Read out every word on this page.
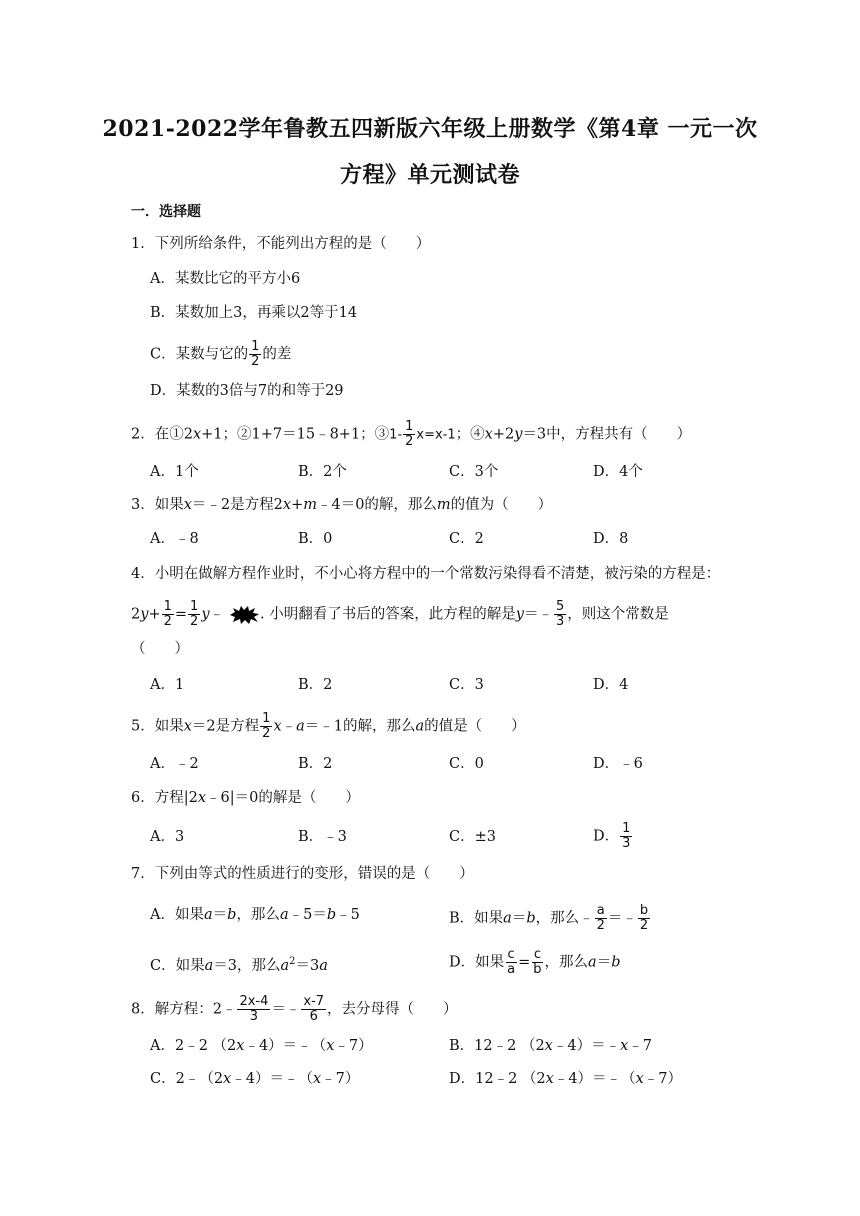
2021-2022学年鲁教五四新版六年级上册数学《第4章 一元一次
方程》单元测试卷
一．选择题
1．下列所给条件，不能列出方程的是（　　）
A．某数比它的平方小6
B．某数加上3，再乘以2等于14
C．某数与它的 $\frac{1}{2}$ 的差
D．某数的3倍与7的和等于29
2．在①2x+1；②1+7＝15﹣8+1；③1- $\frac{1}{2} x=x-1$；④x+2y＝3中，方程共有（　　）
A．1个	B．2个	C．3个	D．4个
3．如果x＝﹣2是方程2x+m﹣4＝0的解，那么m的值为（　　）
A．﹣8	B．0	C．2	D．8
4．小明在做解方程作业时，不小心将方程中的一个常数污染得看不清楚，被污染的方程是：
$2y+ \frac{1}{2} = \frac{1}{2}$ y﹣ . 小明翻看了书后的答案，此方程的解是y＝﹣ $\frac{5}{3}$ ，则这个常数是
（　　）
A．1	B．2	C．3	D．4
5．如果x＝2是方程 $\frac{1}{2}$ x﹣a＝﹣1的解，那么a的值是（　　）
A．﹣2	B．2	C．0	D．﹣6
6．方程|2x﹣6|＝0的解是（　　）
A．3	B．﹣3	C．±3	D． $\frac{1}{3}$
7．下列由等式的性质进行的变形，错误的是（　　）
A．如果a＝b，那么a﹣5＝b﹣5	B．如果a＝b，那么﹣ $\frac{a}{2}$ ＝﹣ $\frac{b}{2}$
C．如果a＝3，那么$a^2=3a$	D．如果 $\frac{c}{a} = \frac{c}{b}$ ，那么a＝b
8．解方程：2﹣ $\frac{2x-4}{3}$ ＝﹣ $\frac{x-7}{6}$ ，去分母得（　　）
A．2﹣2 （2x﹣4）＝﹣（x﹣7）	B．12﹣2 （2x﹣4）＝﹣x﹣7
C．2﹣（2x﹣4）＝﹣（x﹣7）	D．12﹣2 （2x﹣4）＝﹣（x﹣7）
